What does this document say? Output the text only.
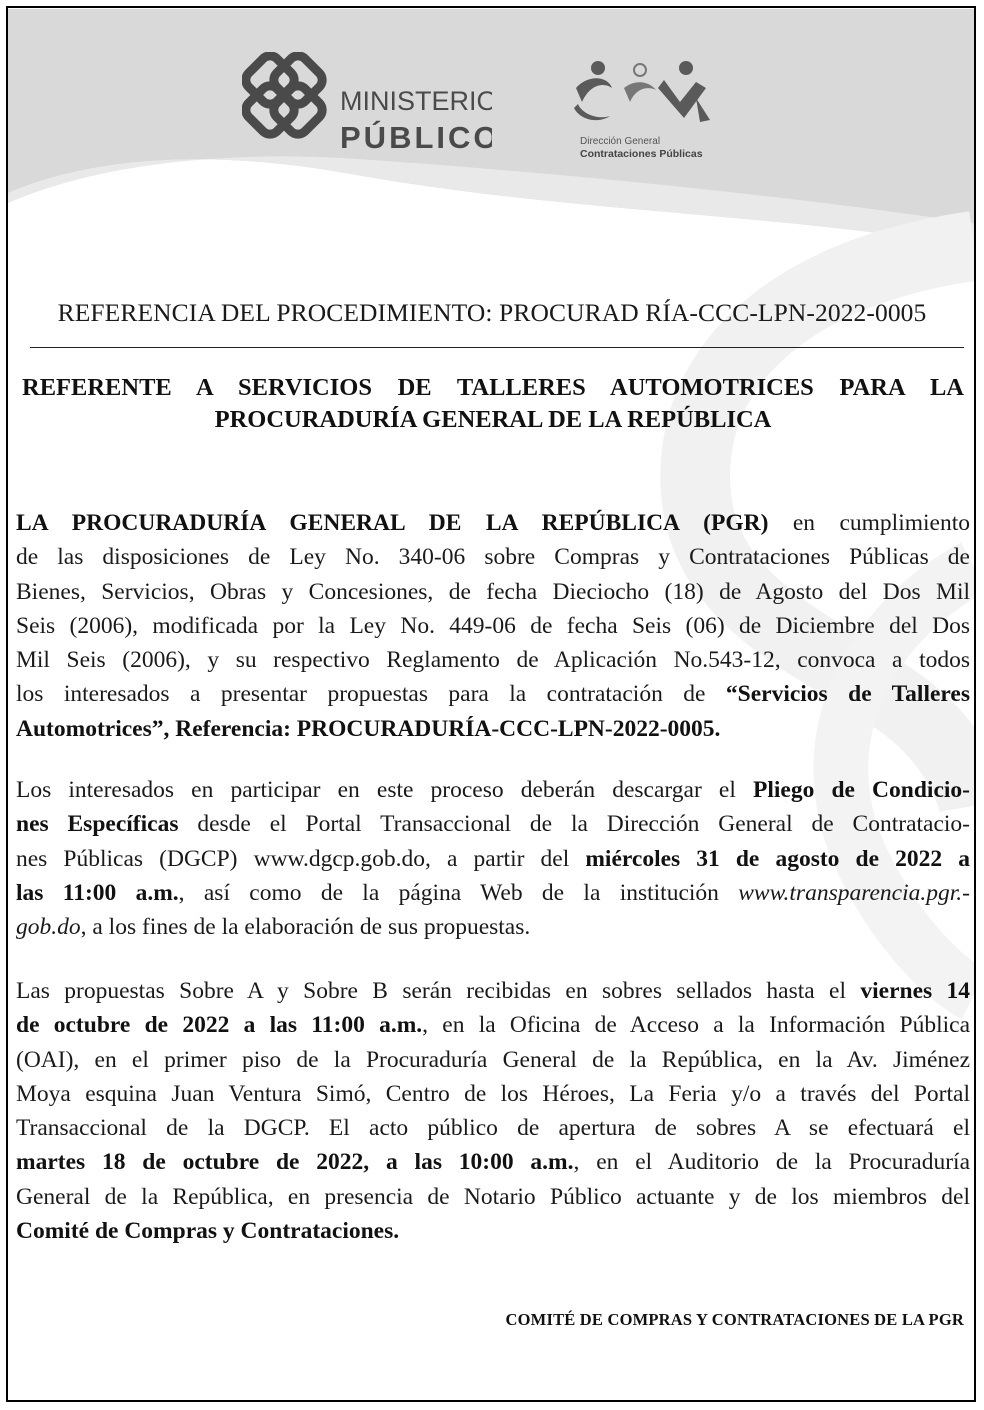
MINISTERIO
PÚBLICO	Dirección General
Contrataciones Públicas
REFERENCIA DEL PROCEDIMIENTO: PROCURAD RÍA-CCC-LPN-2022-0005
REFERENTE A SERVICIOS DE TALLERES AUTOMOTRICES PARA LA
PROCURADURÍA GENERAL DE LA REPÚBLICA
LA PROCURADURÍA GENERAL DE LA REPÚBLICA (PGR) en cumplimiento
de las disposiciones de Ley No. 340-06 sobre Compras y Contrataciones Públicas de
Bienes, Servicios, Obras y Concesiones, de fecha Dieciocho (18) de Agosto del Dos Mil
Seis (2006), modificada por la Ley No. 449-06 de fecha Seis (06) de Diciembre del Dos
Mil Seis (2006), y su respectivo Reglamento de Aplicación No.543-12, convoca a todos
los interesados a presentar propuestas para la contratación de “Servicios de Talleres
Automotrices”, Referencia: PROCURADURÍA-CCC-LPN-2022-0005.
Los interesados en participar en este proceso deberán descargar el Pliego de Condicio-
nes Específicas desde el Portal Transaccional de la Dirección General de Contratacio-
nes Públicas (DGCP) www.dgcp.gob.do, a partir del miércoles 31 de agosto de 2022 a
las 11:00 a.m., así como de la página Web de la institución www.transparencia.pgr.-
gob.do, a los fines de la elaboración de sus propuestas.
Las propuestas Sobre A y Sobre B serán recibidas en sobres sellados hasta el viernes 14
de octubre de 2022 a las 11:00 a.m., en la Oficina de Acceso a la Información Pública
(OAI), en el primer piso de la Procuraduría General de la República, en la Av. Jiménez
Moya esquina Juan Ventura Simó, Centro de los Héroes, La Feria y/o a través del Portal
Transaccional de la DGCP. El acto público de apertura de sobres A se efectuará el
martes 18 de octubre de 2022, a las 10:00 a.m., en el Auditorio de la Procuraduría
General de la República, en presencia de Notario Público actuante y de los miembros del
Comité de Compras y Contrataciones.
COMITÉ DE COMPRAS Y CONTRATACIONES DE LA PGR
